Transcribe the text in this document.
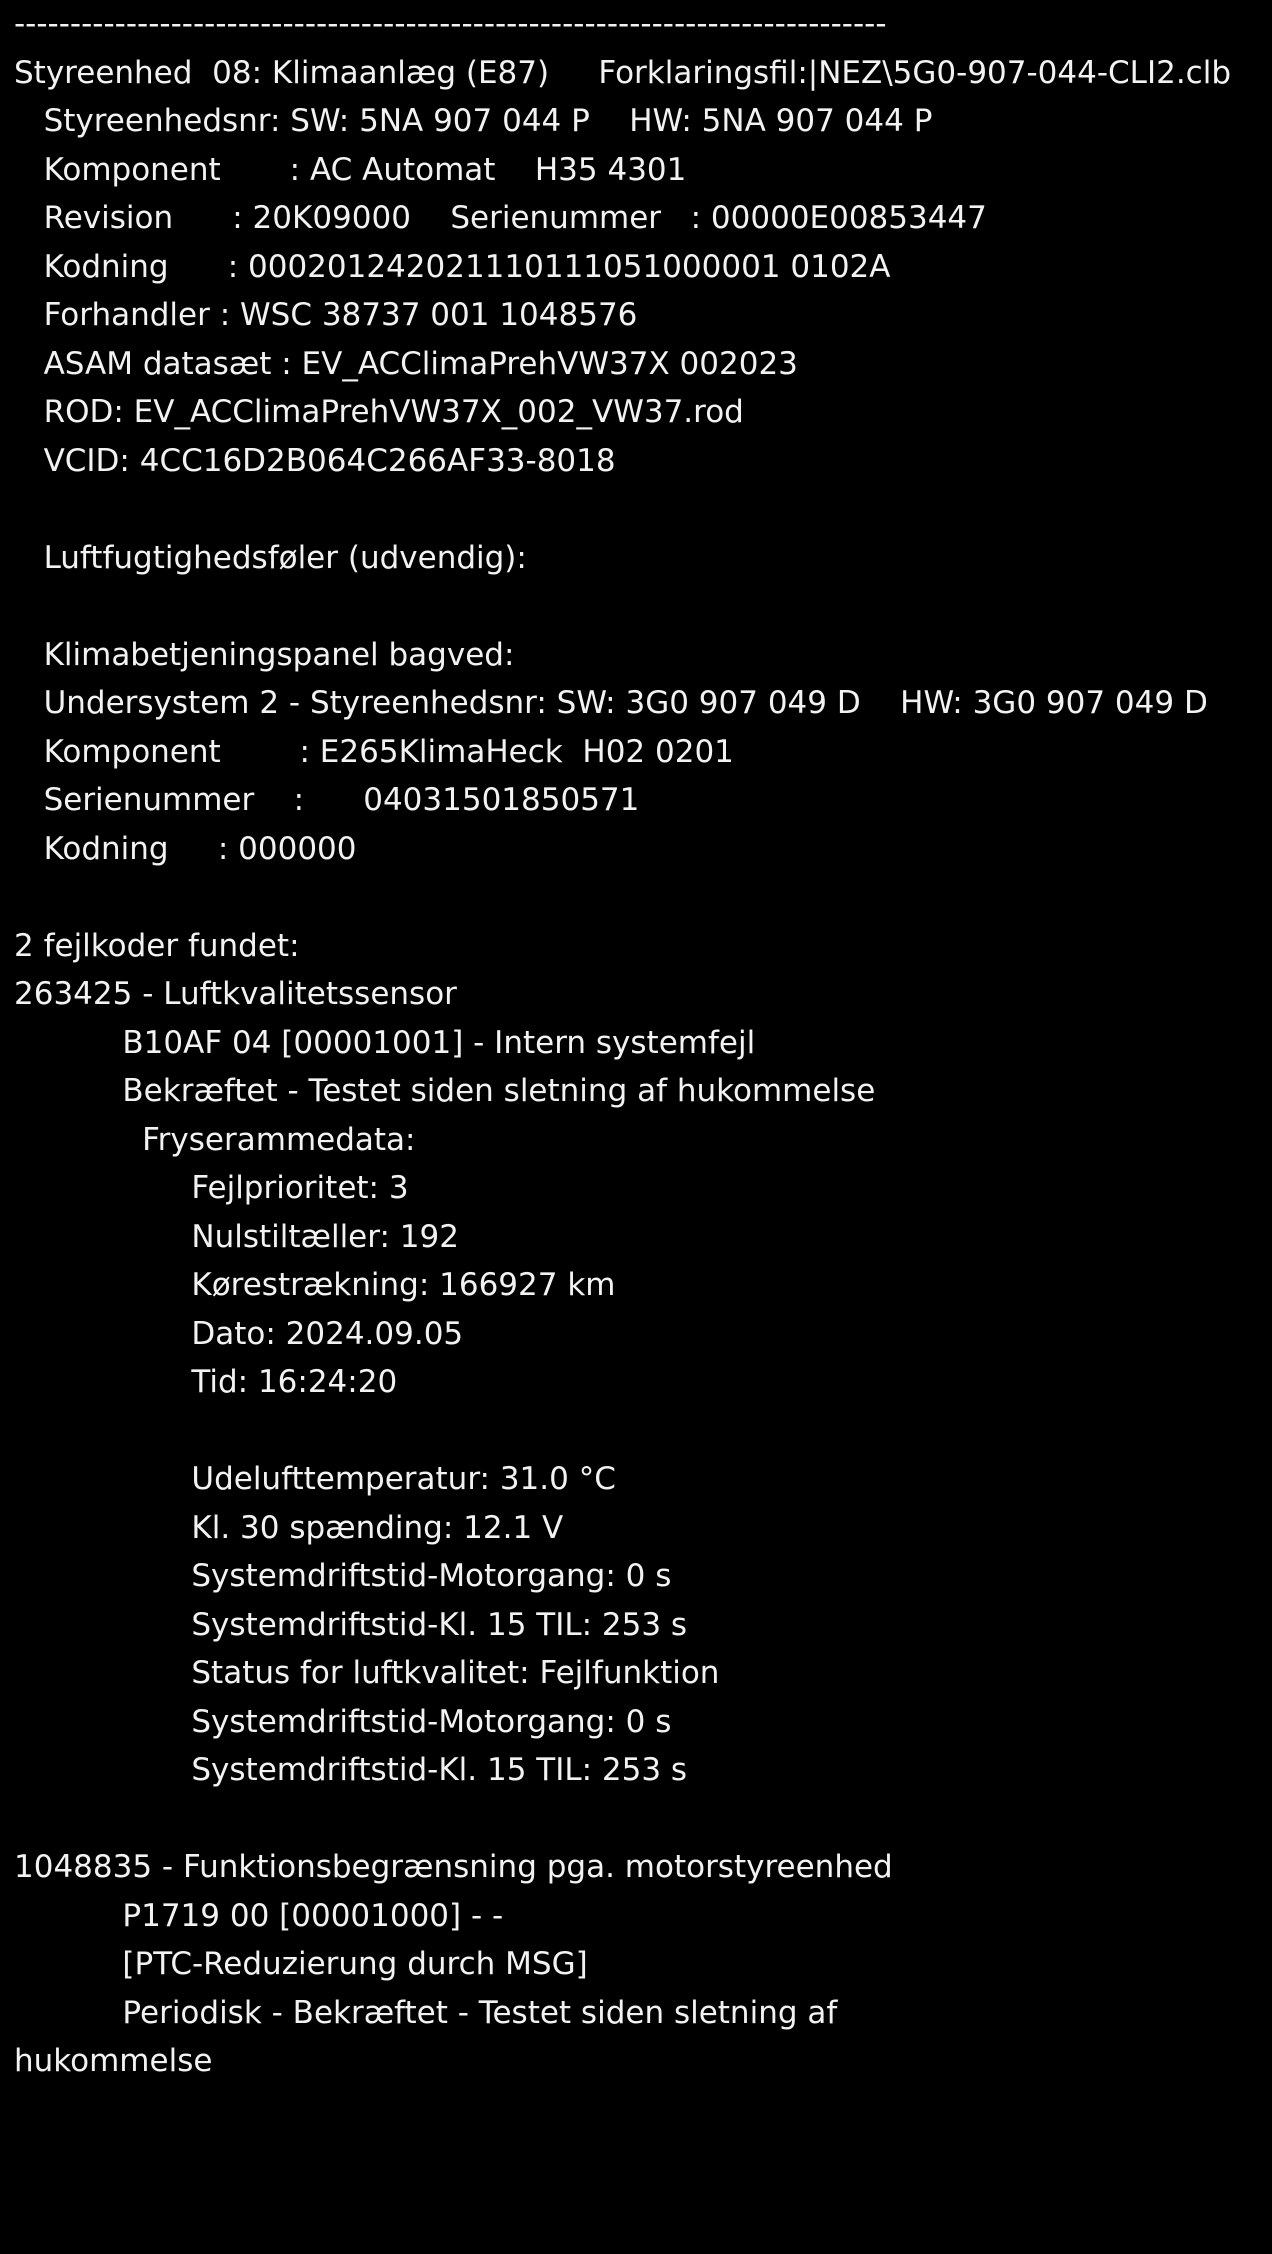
------------------------------------------------------------------------------
Styreenhed  08: Klimaanlæg (E87)     Forklaringsfil:|NEZ\5G0-907-044-CLI2.clb
Styreenhedsnr: SW: 5NA 907 044 P    HW: 5NA 907 044 P
Komponent       : AC Automat    H35 4301
Revision      : 20K09000    Serienummer   : 00000E00853447
Kodning      : 000201242021110111051000001 0102A
Forhandler : WSC 38737 001 1048576
ASAM datasæt : EV_ACClimaPrehVW37X 002023
ROD: EV_ACClimaPrehVW37X_002_VW37.rod
VCID: 4CC16D2B064C266AF33-8018
Luftfugtighedsføler (udvendig):
Klimabetjeningspanel bagved:
Undersystem 2 - Styreenhedsnr: SW: 3G0 907 049 D    HW: 3G0 907 049 D
Komponent        : E265KlimaHeck  H02 0201
Serienummer    :      04031501850571
Kodning     : 000000
2 fejlkoder fundet:
263425 - Luftkvalitetssensor
B10AF 04 [00001001] - Intern systemfejl
Bekræftet - Testet siden sletning af hukommelse
Fryserammedata:
Fejlprioritet: 3
Nulstiltæller: 192
Kørestrækning: 166927 km
Dato: 2024.09.05
Tid: 16:24:20
Udelufttemperatur: 31.0 °C
Kl. 30 spænding: 12.1 V
Systemdriftstid-Motorgang: 0 s
Systemdriftstid-Kl. 15 TIL: 253 s
Status for luftkvalitet: Fejlfunktion
Systemdriftstid-Motorgang: 0 s
Systemdriftstid-Kl. 15 TIL: 253 s
1048835 - Funktionsbegrænsning pga. motorstyreenhed
P1719 00 [00001000] - -
[PTC-Reduzierung durch MSG]
Periodisk - Bekræftet - Testet siden sletning af
hukommelse
